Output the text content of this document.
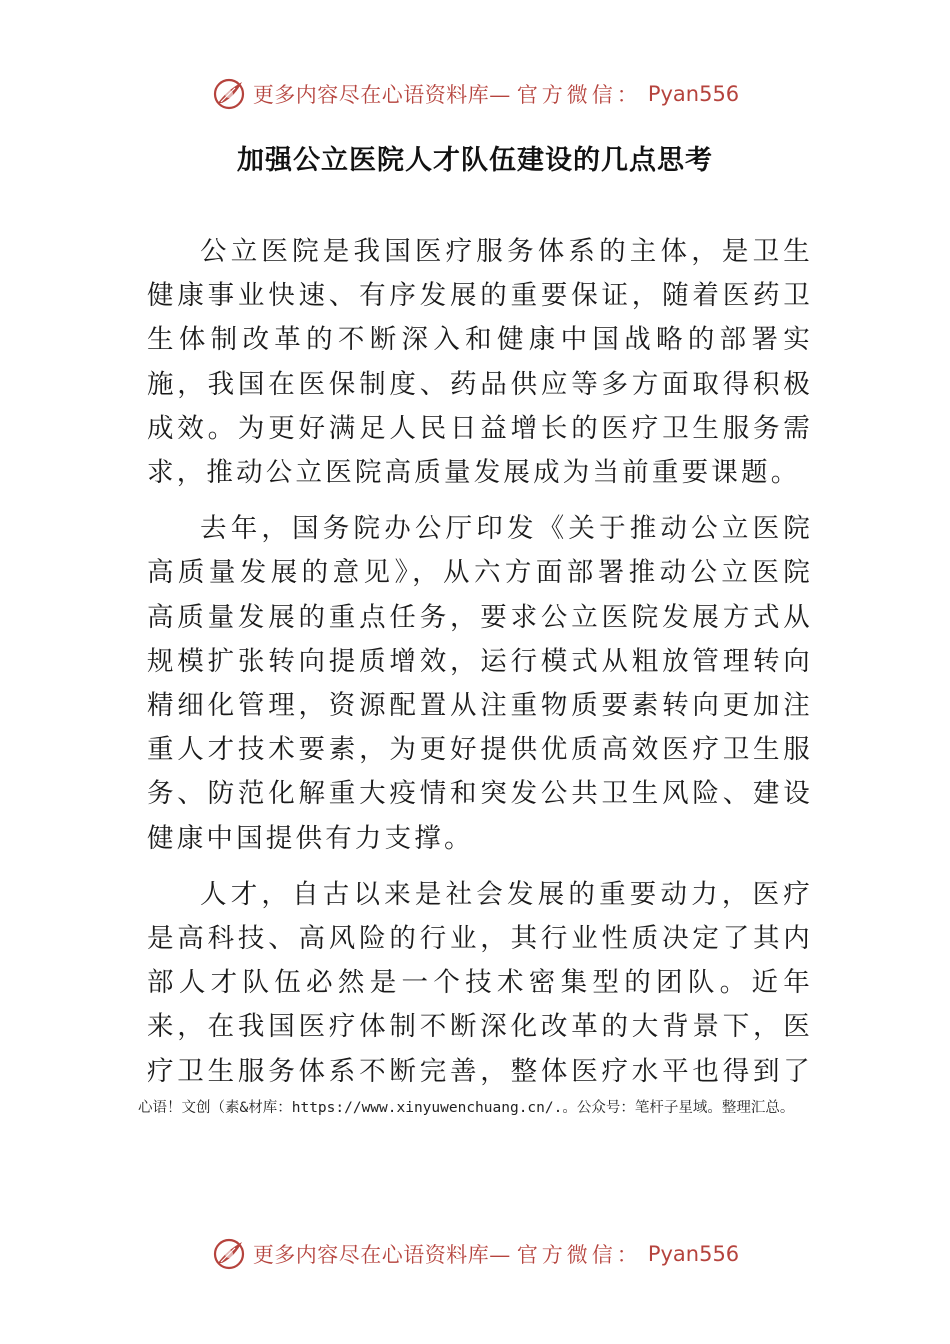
更多内容尽在心语资料库— 官方微信： Pyan556
加强公立医院人才队伍建设的几点思考

公立医院是我国医疗服务体系的主体，是卫生健康事业快速、有序发展的重要保证，随着医药卫生体制改革的不断深入和健康中国战略的部署实施，我国在医保制度、药品供应等多方面取得积极成效。为更好满足人民日益增长的医疗卫生服务需求，推动公立医院高质量发展成为当前重要课题。

去年，国务院办公厅印发《关于推动公立医院高质量发展的意见》，从六方面部署推动公立医院高质量发展的重点任务，要求公立医院发展方式从规模扩张转向提质增效，运行模式从粗放管理转向精细化管理，资源配置从注重物质要素转向更加注重人才技术要素，为更好提供优质高效医疗卫生服务、防范化解重大疫情和突发公共卫生风险、建设健康中国提供有力支撑。

人才，自古以来是社会发展的重要动力，医疗是高科技、高风险的行业，其行业性质决定了其内部人才队伍必然是一个技术密集型的团队。近年来，在我国医疗体制不断深化改革的大背景下，医疗卫生服务体系不断完善，整体医疗水平也得到了

心语！文创（素&材库：https://www.xinyuwenchuang.cn/.。公众号：笔杆子星域。整理汇总。
更多内容尽在心语资料库— 官方微信： Pyan556
